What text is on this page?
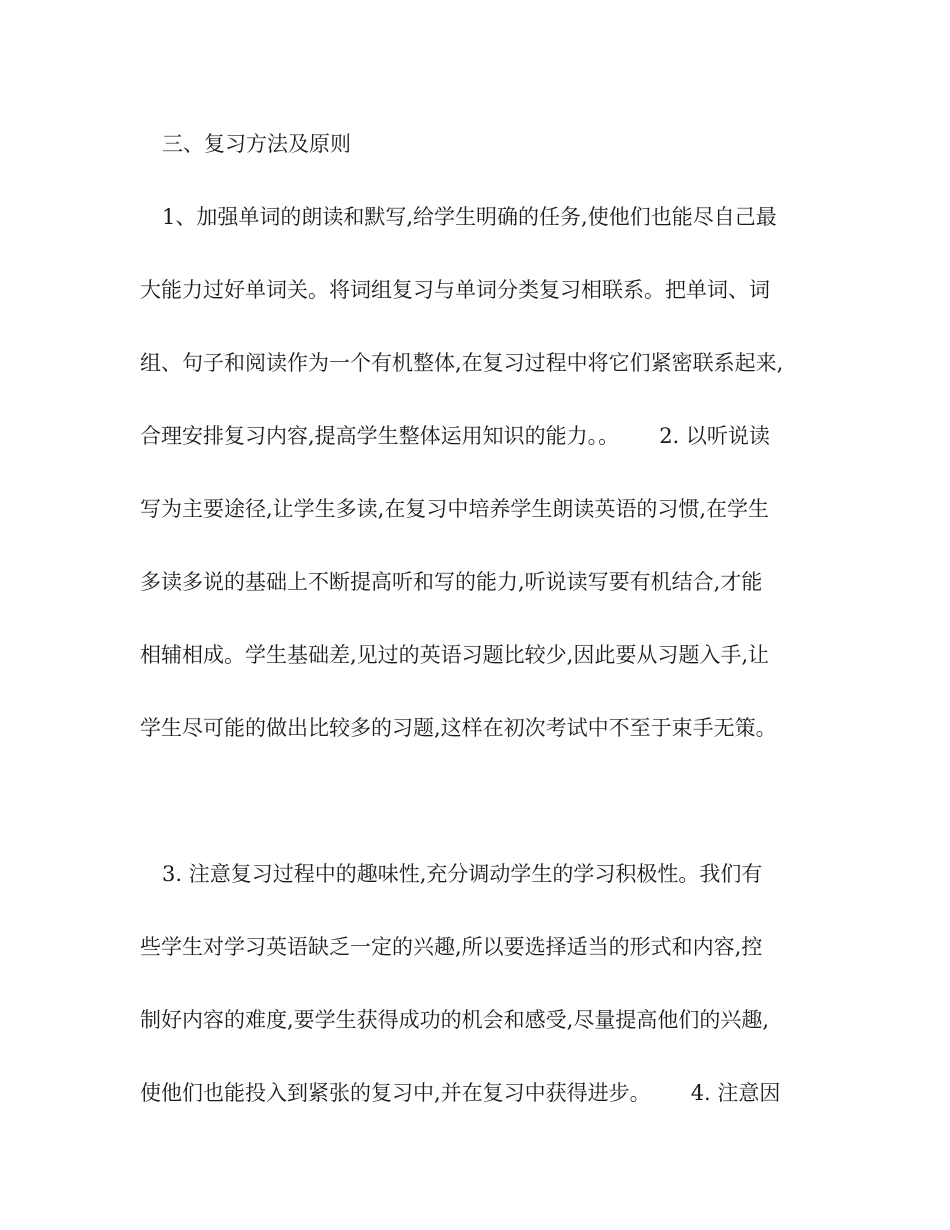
三、复习方法及原则
1、加强单词的朗读和默写,给学生明确的任务,使他们也能尽自己最
大能力过好单词关。将词组复习与单词分类复习相联系。把单词、词
组、句子和阅读作为一个有机整体,在复习过程中将它们紧密联系起来,
合理安排复习内容,提高学生整体运用知识的能力。。 2. 以听说读
写为主要途径,让学生多读,在复习中培养学生朗读英语的习惯,在学生
多读多说的基础上不断提高听和写的能力,听说读写要有机结合,才能
相辅相成。学生基础差,见过的英语习题比较少,因此要从习题入手,让
学生尽可能的做出比较多的习题,这样在初次考试中不至于束手无策。
3. 注意复习过程中的趣味性,充分调动学生的学习积极性。我们有
些学生对学习英语缺乏一定的兴趣,所以要选择适当的形式和内容,控
制好内容的难度,要学生获得成功的机会和感受,尽量提高他们的兴趣,
使他们也能投入到紧张的复习中,并在复习中获得进步。 4. 注意因
